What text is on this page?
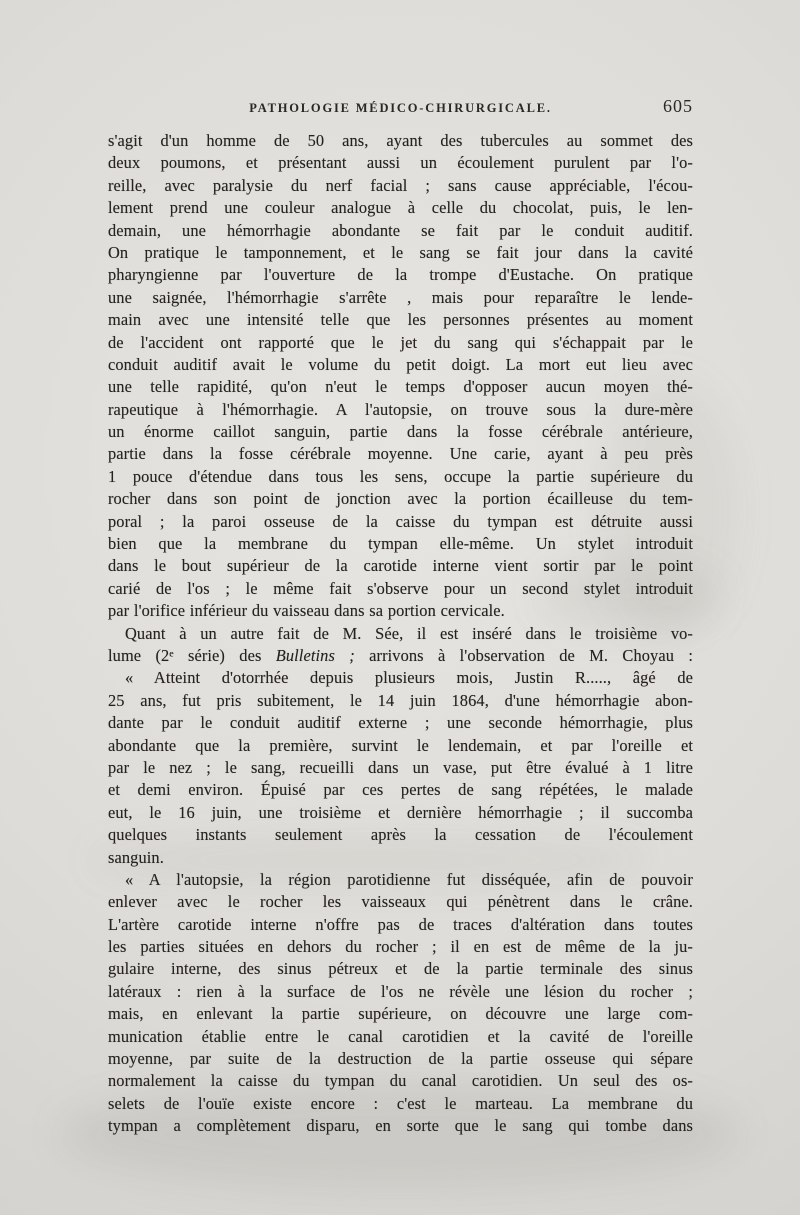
PATHOLOGIE MÉDICO-CHIRURGICALE.	605
s'agit d'un homme de 50 ans, ayant des tubercules au sommet des
deux poumons, et présentant aussi un écoulement purulent par l'o-
reille, avec paralysie du nerf facial ; sans cause appréciable, l'écou-
lement prend une couleur analogue à celle du chocolat, puis, le len-
demain, une hémorrhagie abondante se fait par le conduit auditif.
On pratique le tamponnement, et le sang se fait jour dans la cavité
pharyngienne par l'ouverture de la trompe d'Eustache. On pratique
une saignée, l'hémorrhagie s'arrête , mais pour reparaître le lende-
main avec une intensité telle que les personnes présentes au moment
de l'accident ont rapporté que le jet du sang qui s'échappait par le
conduit auditif avait le volume du petit doigt. La mort eut lieu avec
une telle rapidité, qu'on n'eut le temps d'opposer aucun moyen thé-
rapeutique à l'hémorrhagie. A l'autopsie, on trouve sous la dure-mère
un énorme caillot sanguin, partie dans la fosse cérébrale antérieure,
partie dans la fosse cérébrale moyenne. Une carie, ayant à peu près
1 pouce d'étendue dans tous les sens, occupe la partie supérieure du
rocher dans son point de jonction avec la portion écailleuse du tem-
poral ; la paroi osseuse de la caisse du tympan est détruite aussi
bien que la membrane du tympan elle-même. Un stylet introduit
dans le bout supérieur de la carotide interne vient sortir par le point
carié de l'os ; le même fait s'observe pour un second stylet introduit
par l'orifice inférieur du vaisseau dans sa portion cervicale.
Quant à un autre fait de M. Sée, il est inséré dans le troisième vo-
lume (2ᵉ série) des Bulletins ; arrivons à l'observation de M. Choyau :
« Atteint d'otorrhée depuis plusieurs mois, Justin R....., âgé de
25 ans, fut pris subitement, le 14 juin 1864, d'une hémorrhagie abon-
dante par le conduit auditif externe ; une seconde hémorrhagie, plus
abondante que la première, survint le lendemain, et par l'oreille et
par le nez ; le sang, recueilli dans un vase, put être évalué à 1 litre
et demi environ. Épuisé par ces pertes de sang répétées, le malade
eut, le 16 juin, une troisième et dernière hémorrhagie ; il succomba
quelques instants seulement après la cessation de l'écoulement
sanguin.
« A l'autopsie, la région parotidienne fut disséquée, afin de pouvoir
enlever avec le rocher les vaisseaux qui pénètrent dans le crâne.
L'artère carotide interne n'offre pas de traces d'altération dans toutes
les parties situées en dehors du rocher ; il en est de même de la ju-
gulaire interne, des sinus pétreux et de la partie terminale des sinus
latéraux : rien à la surface de l'os ne révèle une lésion du rocher ;
mais, en enlevant la partie supérieure, on découvre une large com-
munication établie entre le canal carotidien et la cavité de l'oreille
moyenne, par suite de la destruction de la partie osseuse qui sépare
normalement la caisse du tympan du canal carotidien. Un seul des os-
selets de l'ouïe existe encore : c'est le marteau. La membrane du
tympan a complètement disparu, en sorte que le sang qui tombe dans
